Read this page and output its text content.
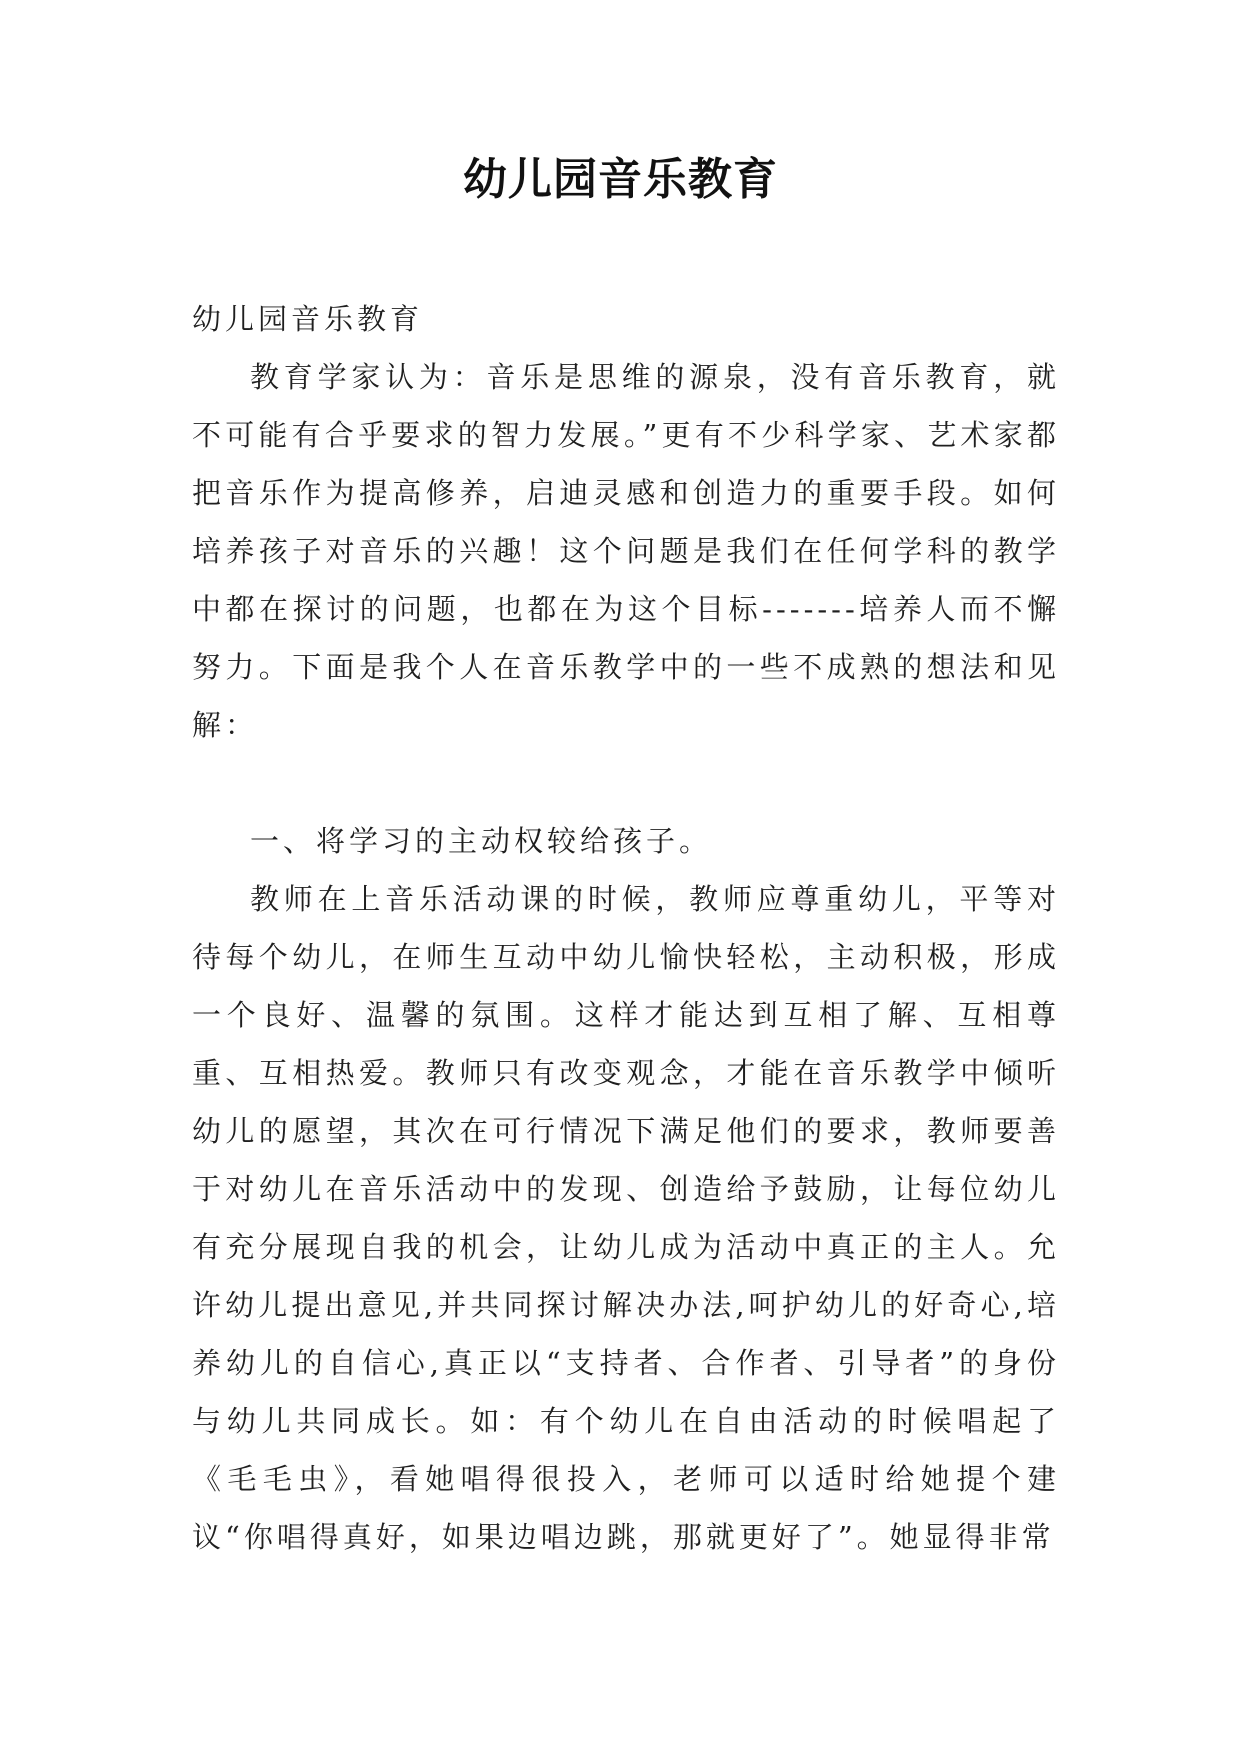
幼儿园音乐教育

幼儿园音乐教育

教育学家认为：音乐是思维的源泉，没有音乐教育，就不可能有合乎要求的智力发展。”更有不少科学家、艺术家都把音乐作为提高修养，启迪灵感和创造力的重要手段。如何培养孩子对音乐的兴趣！这个问题是我们在任何学科的教学中都在探讨的问题，也都在为这个目标-------培养人而不懈努力。下面是我个人在音乐教学中的一些不成熟的想法和见解：

一、将学习的主动权较给孩子。

教师在上音乐活动课的时候，教师应尊重幼儿，平等对待每个幼儿，在师生互动中幼儿愉快轻松，主动积极，形成一个良好、温馨的氛围。这样才能达到互相了解、互相尊重、互相热爱。教师只有改变观念，才能在音乐教学中倾听幼儿的愿望，其次在可行情况下满足他们的要求，教师要善于对幼儿在音乐活动中的发现、创造给予鼓励，让每位幼儿有充分展现自我的机会，让幼儿成为活动中真正的主人。允许幼儿提出意见,并共同探讨解决办法,呵护幼儿的好奇心,培养幼儿的自信心,真正以“支持者、合作者、引导者”的身份与幼儿共同成长。如：有个幼儿在自由活动的时候唱起了《毛毛虫》，看她唱得很投入，老师可以适时给她提个建议“你唱得真好，如果边唱边跳，那就更好了”。她显得非常
